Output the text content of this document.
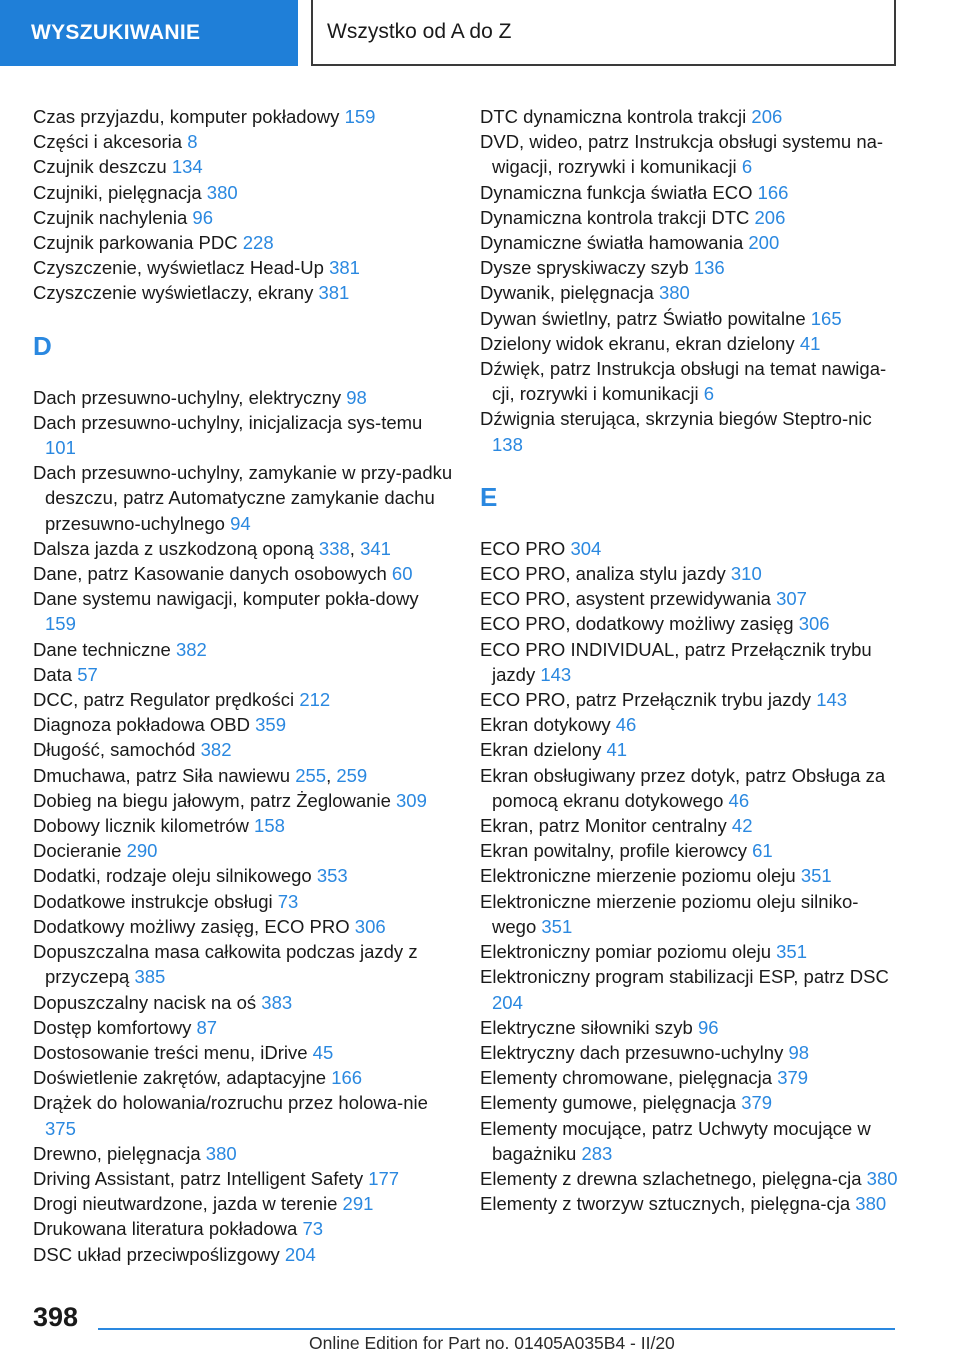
WYSZUKIWANIE	Wszystko od A do Z
Czas przyjazdu, komputer pokładowy 159
Części i akcesoria 8
Czujnik deszczu 134
Czujniki, pielęgnacja 380
Czujnik nachylenia 96
Czujnik parkowania PDC 228
Czyszczenie, wyświetlacz Head-Up 381
Czyszczenie wyświetlaczy, ekrany 381
D
Dach przesuwno-uchylny, elektryczny 98
Dach przesuwno-uchylny, inicjalizacja sys-temu 101
Dach przesuwno-uchylny, zamykanie w przy-padku deszczu, patrz Automatyczne zamykanie dachu przesuwno-uchylnego 94
Dalsza jazda z uszkodzoną oponą 338, 341
Dane, patrz Kasowanie danych osobowych 60
Dane systemu nawigacji, komputer pokła-dowy 159
Dane techniczne 382
Data 57
DCC, patrz Regulator prędkości 212
Diagnoza pokładowa OBD 359
Długość, samochód 382
Dmuchawa, patrz Siła nawiewu 255, 259
Dobieg na biegu jałowym, patrz Żeglowanie 309
Dobowy licznik kilometrów 158
Docieranie 290
Dodatki, rodzaje oleju silnikowego 353
Dodatkowe instrukcje obsługi 73
Dodatkowy możliwy zasięg, ECO PRO 306
Dopuszczalna masa całkowita podczas jazdy z przyczepą 385
Dopuszczalny nacisk na oś 383
Dostęp komfortowy 87
Dostosowanie treści menu, iDrive 45
Doświetlenie zakrętów, adaptacyjne 166
Drążek do holowania/rozruchu przez holowa-nie 375
Drewno, pielęgnacja 380
Driving Assistant, patrz Intelligent Safety 177
Drogi nieutwardzone, jazda w terenie 291
Drukowana literatura pokładowa 73
DSC układ przeciwpoślizgowy 204
DTC dynamiczna kontrola trakcji 206
DVD, wideo, patrz Instrukcja obsługi systemu na-wigacji, rozrywki i komunikacji 6
Dynamiczna funkcja światła ECO 166
Dynamiczna kontrola trakcji DTC 206
Dynamiczne światła hamowania 200
Dysze spryskiwaczy szyb 136
Dywanik, pielęgnacja 380
Dywan świetlny, patrz Światło powitalne 165
Dzielony widok ekranu, ekran dzielony 41
Dźwięk, patrz Instrukcja obsługi na temat nawiga-cji, rozrywki i komunikacji 6
Dźwignia sterująca, skrzynia biegów Steptro-nic 138
E
ECO PRO 304
ECO PRO, analiza stylu jazdy 310
ECO PRO, asystent przewidywania 307
ECO PRO, dodatkowy możliwy zasięg 306
ECO PRO INDIVIDUAL, patrz Przełącznik trybu jazdy 143
ECO PRO, patrz Przełącznik trybu jazdy 143
Ekran dotykowy 46
Ekran dzielony 41
Ekran obsługiwany przez dotyk, patrz Obsługa za pomocą ekranu dotykowego 46
Ekran, patrz Monitor centralny 42
Ekran powitalny, profile kierowcy 61
Elektroniczne mierzenie poziomu oleju 351
Elektroniczne mierzenie poziomu oleju silniko-wego 351
Elektroniczny pomiar poziomu oleju 351
Elektroniczny program stabilizacji ESP, patrz DSC 204
Elektryczne siłowniki szyb 96
Elektryczny dach przesuwno-uchylny 98
Elementy chromowane, pielęgnacja 379
Elementy gumowe, pielęgnacja 379
Elementy mocujące, patrz Uchwyty mocujące w bagażniku 283
Elementy z drewna szlachetnego, pielęgna-cja 380
Elementy z tworzyw sztucznych, pielęgna-cja 380
398
Online Edition for Part no. 01405A035B4 - II/20
